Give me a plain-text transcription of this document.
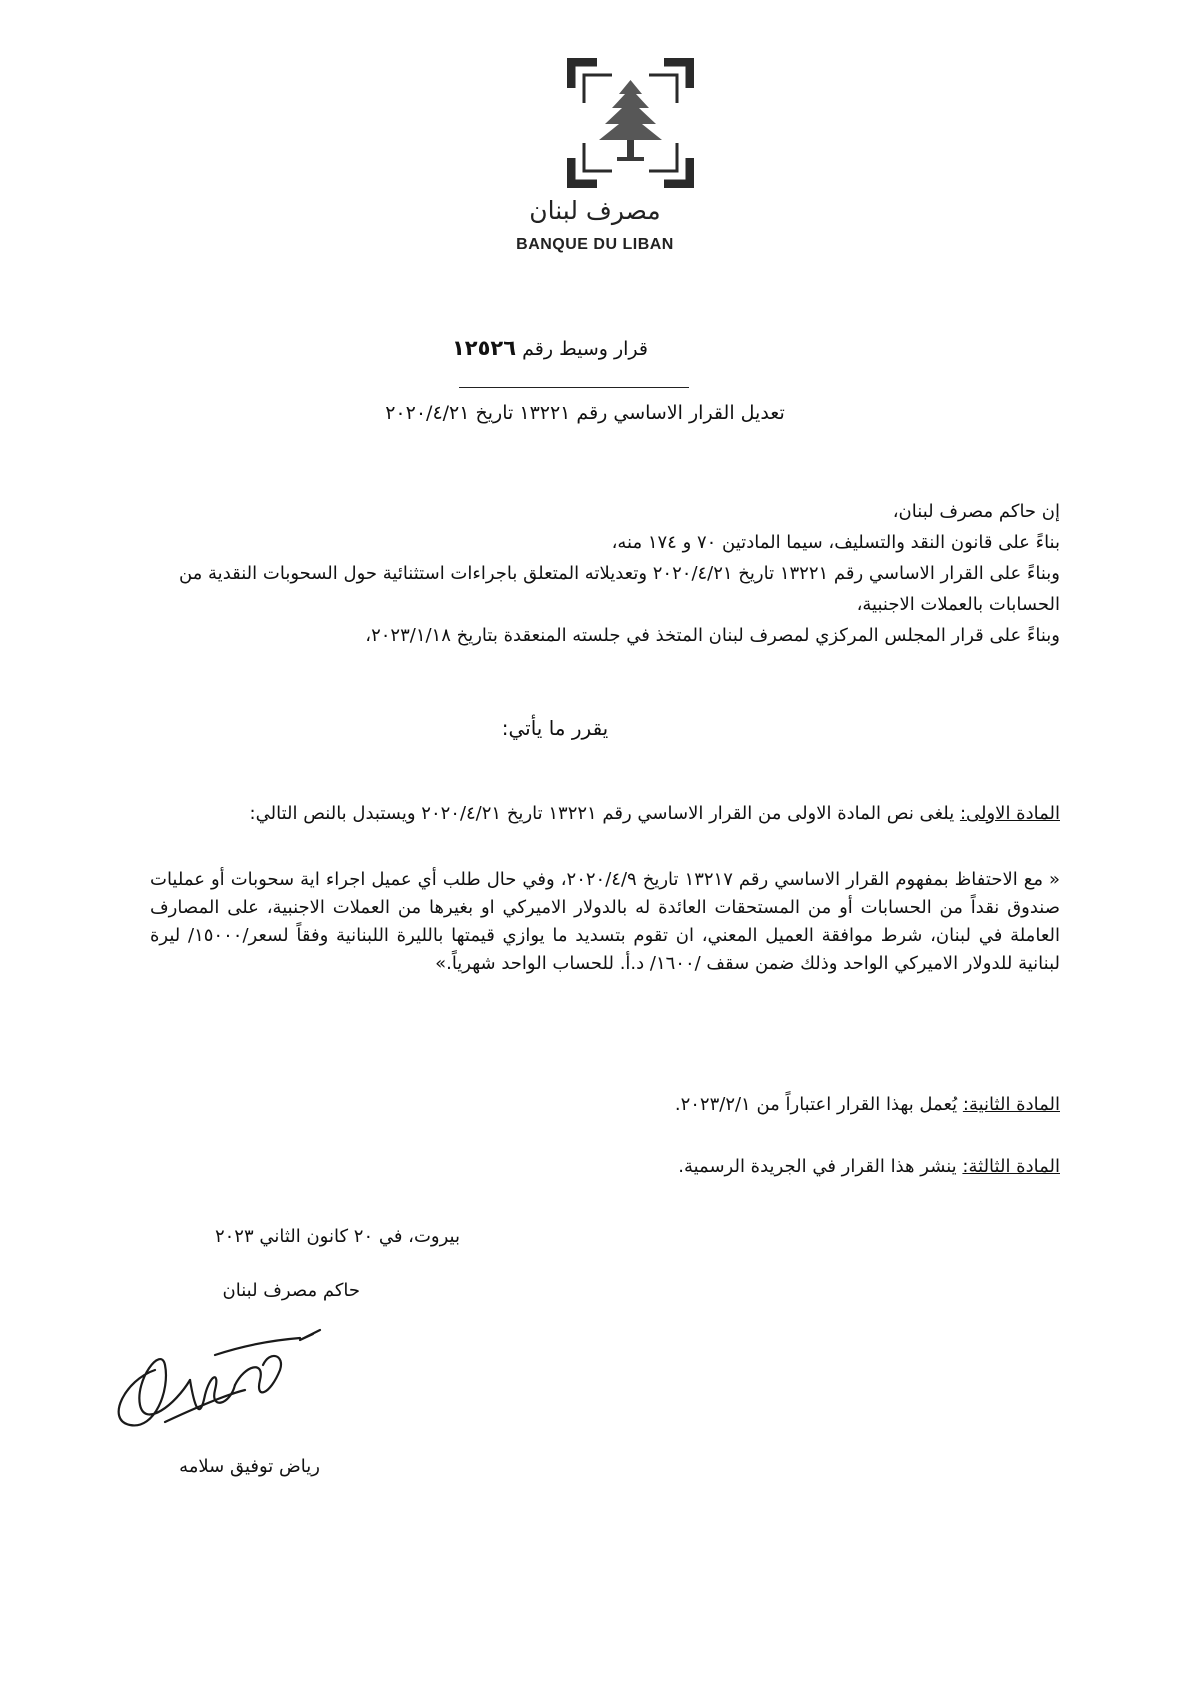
مصرف لبنان
BANQUE DU LIBAN
قرار وسيط رقم ١٢٥٢٦
تعديل القرار الاساسي رقم ١٣٢٢١ تاريخ ٢٠٢٠/٤/٢١

إن حاكم مصرف لبنان،

بناءً على قانون النقد والتسليف، سيما المادتين ٧٠ و ١٧٤ منه،

وبناءً على القرار الاساسي رقم ١٣٢٢١ تاريخ ٢٠٢٠/٤/٢١ وتعديلاته المتعلق باجراءات استثنائية حول السحوبات النقدية من الحسابات بالعملات الاجنبية،

وبناءً على قرار المجلس المركزي لمصرف لبنان المتخذ في جلسته المنعقدة بتاريخ ٢٠٢٣/١/١٨،

يقرر ما يأتي:
المادة الاولى: يلغى نص المادة الاولى من القرار الاساسي رقم ١٣٢٢١ تاريخ ٢٠٢٠/٤/٢١ ويستبدل بالنص التالي:
« مع الاحتفاظ بمفهوم القرار الاساسي رقم ١٣٢١٧ تاريخ ٢٠٢٠/٤/٩، وفي حال طلب أي عميل اجراء اية سحوبات أو عمليات صندوق نقداً من الحسابات أو من المستحقات العائدة له بالدولار الاميركي او بغيرها من العملات الاجنبية، على المصارف العاملة في لبنان، شرط موافقة العميل المعني، ان تقوم بتسديد ما يوازي قيمتها بالليرة اللبنانية وفقاً لسعر/١٥٠٠٠/ ليرة لبنانية للدولار الاميركي الواحد وذلك ضمن سقف /١٦٠٠/ د.أ. للحساب الواحد شهرياً.»
المادة الثانية: يُعمل بهذا القرار اعتباراً من ٢٠٢٣/٢/١.
المادة الثالثة: ينشر هذا القرار في الجريدة الرسمية.
بيروت، في ٢٠ كانون الثاني ٢٠٢٣
حاكم مصرف لبنان
رياض توفيق سلامه
